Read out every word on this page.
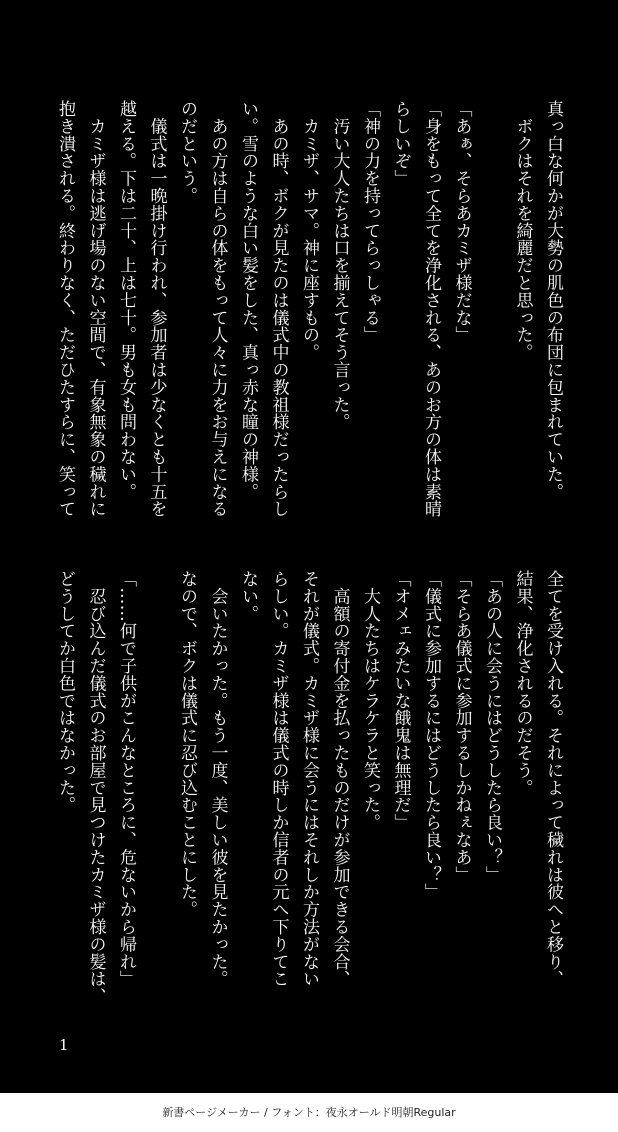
真っ白な何かが大勢の肌色の布団に包まれていた。
　ボクはそれを綺麗だと思った。

「あぁ、そらあカミザ様だな」
「身をもって全てを浄化される、あのお方の体は素晴
らしいぞ」
「神の力を持ってらっしゃる」
　汚い大人たちは口を揃えてそう言った。
　カミザ、サマ。神に座すもの。
　あの時、ボクが見たのは儀式中の教祖様だったらし
い。雪のような白い髪をした、真っ赤な瞳の神様。
　あの方は自らの体をもって人々に力をお与えになる
のだという。
　儀式は一晩掛け行われ、参加者は少なくとも十五を
越える。下は二十、上は七十。男も女も問わない。
　カミザ様は逃げ場のない空間で、有象無象の穢れに
抱き潰される。終わりなく、ただひたすらに、笑って
全てを受け入れる。それによって穢れは彼へと移り、
結果、浄化されるのだそう。
「あの人に会うにはどうしたら良い？」
「そらあ儀式に参加するしかねぇなあ」
「儀式に参加するにはどうしたら良い？」
「オメェみたいな餓鬼は無理だ」
　大人たちはケラケラと笑った。
　高額の寄付金を払ったものだけが参加できる会合、
それが儀式。カミザ様に会うにはそれしか方法がない
らしい。カミザ様は儀式の時しか信者の元へ下りてこ
ない。
　会いたかった。もう一度、美しい彼を見たかった。
なので、ボクは儀式に忍び込むことにした。

「……何で子供がこんなところに、危ないから帰れ」
　忍び込んだ儀式のお部屋で見つけたカミザ様の髪は、
どうしてか白色ではなかった。
1
新書ページメーカー / フォント：夜永オールド明朝Regular
